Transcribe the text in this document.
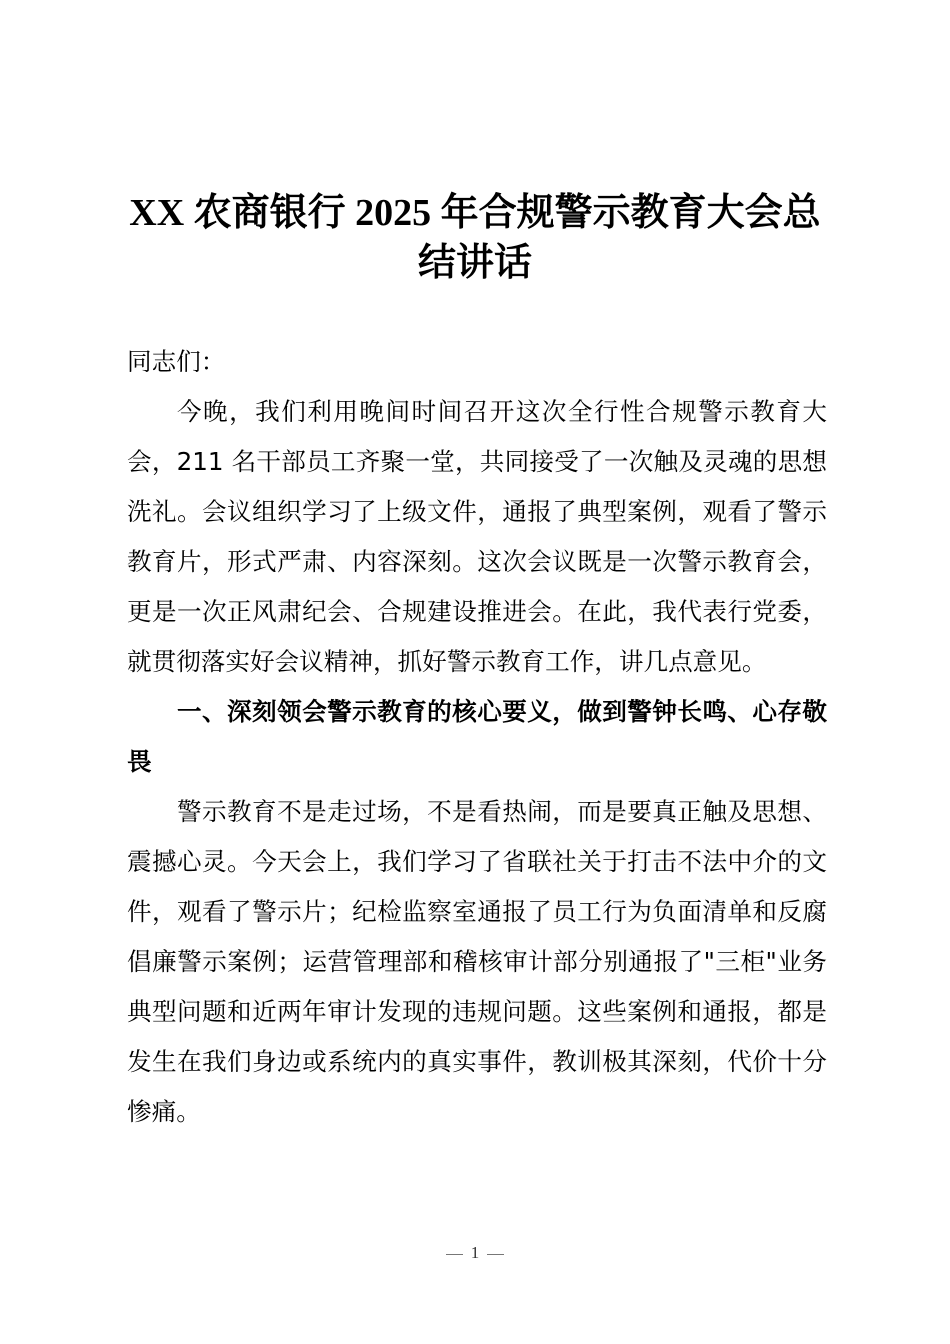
XX 农商银行 2025 年合规警示教育大会总
结讲话

同志们：

今晚，我们利用晚间时间召开这次全行性合规警示教育大会，211 名干部员工齐聚一堂，共同接受了一次触及灵魂的思想洗礼。会议组织学习了上级文件，通报了典型案例，观看了警示教育片，形式严肃、内容深刻。这次会议既是一次警示教育会，更是一次正风肃纪会、合规建设推进会。在此，我代表行党委，就贯彻落实好会议精神，抓好警示教育工作，讲几点意见。

一、深刻领会警示教育的核心要义，做到警钟长鸣、心存敬畏

警示教育不是走过场，不是看热闹，而是要真正触及思想、震撼心灵。今天会上，我们学习了省联社关于打击不法中介的文件，观看了警示片；纪检监察室通报了员工行为负面清单和反腐倡廉警示案例；运营管理部和稽核审计部分别通报了"三柜"业务典型问题和近两年审计发现的违规问题。这些案例和通报，都是发生在我们身边或系统内的真实事件，教训极其深刻，代价十分惨痛。

1
